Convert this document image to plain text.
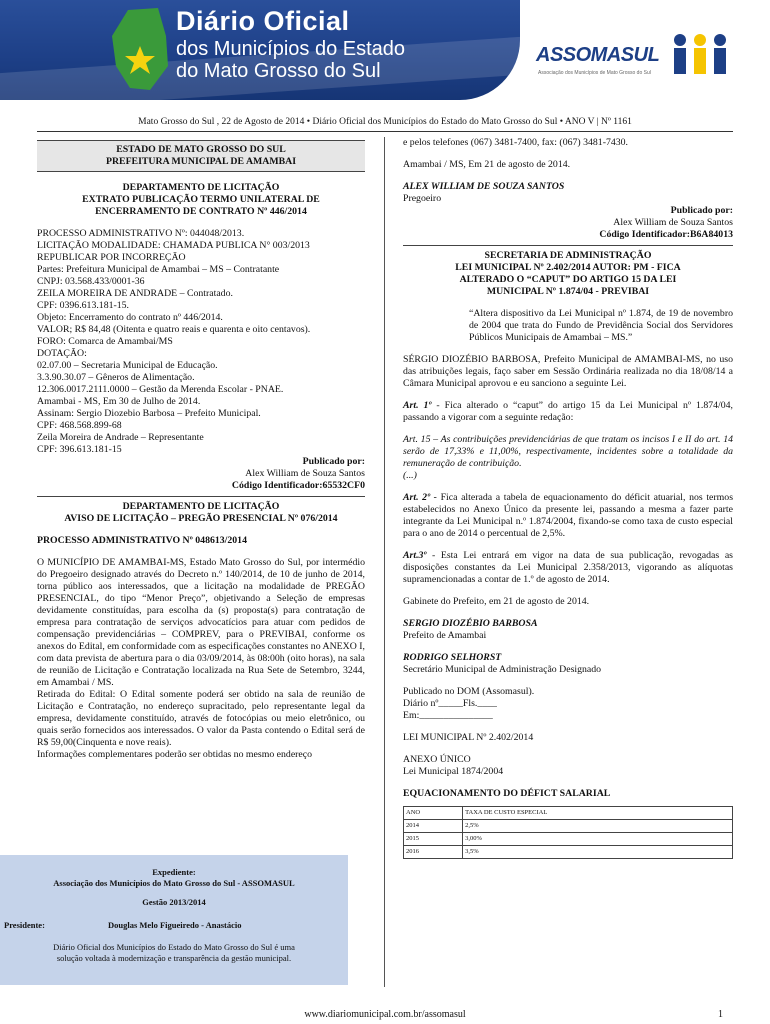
Diário Oficial
dos Municípios do Estado
do Mato Grosso do Sul
ASSOMASUL
Associação dos Municípios de Mato Grosso do Sul
Mato Grosso do Sul , 22 de Agosto de 2014 • Diário Oficial dos Municípios do Estado do Mato Grosso do Sul • ANO V | Nº 1161
ESTADO DE MATO GROSSO DO SUL
PREFEITURA MUNICIPAL DE AMAMBAI
DEPARTAMENTO DE LICITAÇÃO
EXTRATO PUBLICAÇÃO TERMO UNILATERAL DE
ENCERRAMENTO DE CONTRATO Nº 446/2014
PROCESSO ADMINISTRATIVO Nº: 044048/2013.
LICITAÇÃO MODALIDADE: CHAMADA PUBLICA N° 003/2013
REPUBLICAR POR INCORREÇÃO
Partes: Prefeitura Municipal de Amambai – MS – Contratante
CNPJ: 03.568.433/0001-36
ZEILA MOREIRA DE ANDRADE – Contratado.
CPF: 0396.613.181-15.
Objeto: Encerramento do contrato nº 446/2014.
VALOR; R$ 84,48 (Oitenta e quatro reais e quarenta e oito centavos).
FORO: Comarca de Amambai/MS
DOTAÇÃO:
02.07.00 – Secretaria Municipal de Educação.
3.3.90.30.07 – Gêneros de Alimentação.
12.306.0017.2111.0000 – Gestão da Merenda Escolar - PNAE.
Amambai - MS, Em 30 de Julho de 2014.
Assinam: Sergio Diozebio Barbosa – Prefeito Municipal.
CPF: 468.568.899-68
Zeila Moreira de Andrade – Representante
CPF: 396.613.181-15
Publicado por:
Alex William de Souza Santos
Código Identificador:65532CF0
DEPARTAMENTO DE LICITAÇÃO
AVISO DE LICITAÇÃO – PREGÃO PRESENCIAL Nº 076/2014
PROCESSO ADMINISTRATIVO Nº 048613/2014

O MUNICÍPIO DE AMAMBAI-MS, Estado Mato Grosso do Sul, por intermédio do Pregoeiro designado através do Decreto n.º 140/2014, de 10 de junho de 2014, torna público aos interessados, que a licitação na modalidade de PREGÃO PRESENCIAL, do tipo “Menor Preço”, objetivando a Seleção de empresas devidamente constituídas, para escolha da (s) proposta(s) para contratação de empresa para contratação de serviços advocatícios para atuar com pedidos de compensação previdenciárias – COMPREV, para o PREVIBAI, conforme os anexos do Edital, em conformidade com as especificações constantes no ANEXO I, com data prevista de abertura para o dia 03/09/2014, às 08:00h (oito horas), na sala de reunião de Licitação e Contratação localizada na Rua Sete de Setembro, 3244, em Amambai / MS.

Retirada do Edital: O Edital somente poderá ser obtido na sala de reunião de Licitação e Contratação, no endereço supracitado, pelo representante legal da empresa, devidamente constituído, através de fotocópias ou meio eletrônico, ou quais serão fornecidos aos interessados. O valor da Pasta contendo o Edital será de R$ 59,00(Cinquenta e nove reais).

Informações complementares poderão ser obtidas no mesmo endereço

Expediente:
Associação dos Municípios do Mato Grosso do Sul - ASSOMASUL
Gestão 2013/2014
Presidente:	Douglas Melo Figueiredo - Anastácio
Diário Oficial dos Municípios do Estado do Mato Grosso do Sul é uma
solução voltada à modernização e transparência da gestão municipal.

e pelos telefones (067) 3481-7400, fax: (067) 3481-7430.

Amambai / MS, Em 21 de agosto de 2014.

ALEX WILLIAM DE SOUZA SANTOS

Pregoeiro

Publicado por:
Alex William de Souza Santos
Código Identificador:B6A84013
SECRETARIA DE ADMINISTRAÇÃO
LEI MUNICIPAL Nº 2.402/2014 AUTOR: PM - FICA
ALTERADO O “CAPUT” DO ARTIGO 15 DA LEI
MUNICIPAL Nº 1.874/04 - PREVIBAI

“Altera dispositivo da Lei Municipal nº 1.874, de 19 de novembro de 2004 que trata do Fundo de Previdência Social dos Servidores Públicos Municipais de Amambai – MS.”

SÉRGIO DIOZÉBIO BARBOSA, Prefeito Municipal de AMAMBAI-MS, no uso das atribuições legais, faço saber em Sessão Ordinária realizada no dia 18/08/14 a Câmara Municipal aprovou e eu sanciono a seguinte Lei.

Art. 1º - Fica alterado o “caput” do artigo 15 da Lei Municipal nº 1.874/04, passando a vigorar com a seguinte redação:

Art. 15 – As contribuições previdenciárias de que tratam os incisos I e II do art. 14 serão de 17,33% e 11,00%, respectivamente, incidentes sobre a totalidade da remuneração de contribuição.

(...)

Art. 2º - Fica alterada a tabela de equacionamento do déficit atuarial, nos termos estabelecidos no Anexo Único da presente lei, passando a mesma a fazer parte integrante da Lei Municipal n.º 1.874/2004, fixando-se como taxa de custo especial para o ano de 2014 o percentual de 2,5%.

Art.3º - Esta Lei entrará em vigor na data de sua publicação, revogadas as disposições constantes da Lei Municipal 2.358/2013, vigorando as alíquotas supramencionadas a contar de 1.º de agosto de 2014.

Gabinete do Prefeito, em 21 de agosto de 2014.

SERGIO DIOZÉBIO BARBOSA

Prefeito de Amambai

RODRIGO SELHORST

Secretário Municipal de Administração Designado

Publicado no DOM (Assomasul).

Diário nº_____Fls.____

Em:_______________

LEI MUNICIPAL Nº 2.402/2014

ANEXO ÚNICO

Lei Municipal 1874/2004

EQUACIONAMENTO DO DÉFICT SALARIAL

ANO	TAXA DE CUSTO ESPECIAL
2014	2,5%
2015	3,00%
2016	3,5%
www.diariomunicipal.com.br/assomasul	1
